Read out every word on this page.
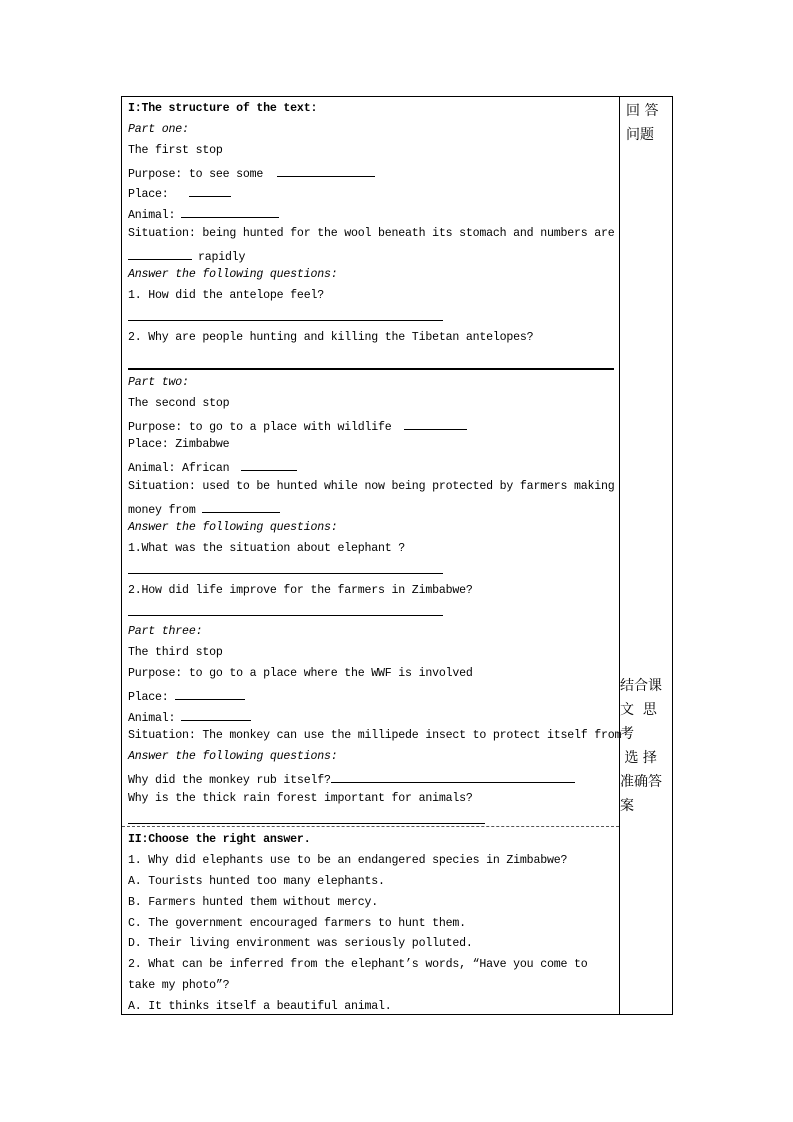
I:The structure of the text:
Part one:
The first stop
Purpose: to see some
Place:
Animal:
Situation: being hunted for the wool beneath its stomach and numbers are
rapidly
Answer the following questions:
1. How did the antelope feel?
2. Why are people hunting and killing the Tibetan antelopes?
Part two:
The second stop
Purpose: to go to a place with wildlife
Place: Zimbabwe
Animal: African
Situation: used to be hunted while now being protected by farmers making
money from
Answer the following questions:
1.What was the situation about elephant ?
2.How did life improve for the farmers in Zimbabwe?
Part three:
The third stop
Purpose: to go to a place where the WWF is involved
Place:
Animal:
Situation: The monkey can use the millipede insect to protect itself from
Answer the following questions:
Why did the monkey rub itself?
Why is the thick rain forest important for animals?
II:Choose the right answer.
1. Why did elephants use to be an endangered species in Zimbabwe?
A. Tourists hunted too many elephants.
B. Farmers hunted them without mercy.
C. The government encouraged farmers to hunt them.
D. Their living environment was seriously polluted.
2. What can be inferred from the elephant’s words, “Have you come to
take my photo”?
A. It thinks itself a beautiful animal.
回 答
问题
结合课
文  思
考
选 择
准确答
案
